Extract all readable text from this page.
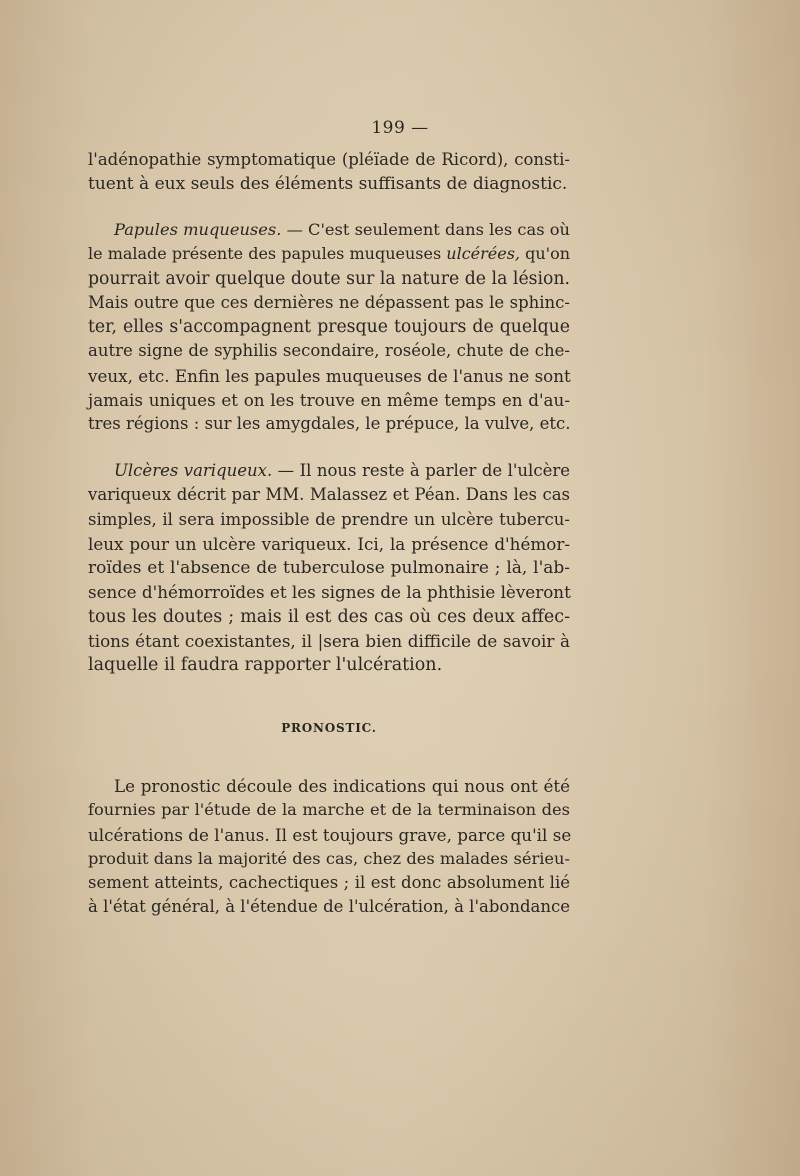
199 —

l'adénopathie symptomatique (pléïade de Ricord), consti-

tuent à eux seuls des éléments suffisants de diagnostic.

Papules muqueuses. — C'est seulement dans les cas où

le malade présente des papules muqueuses ulcérées, qu'on

pourrait avoir quelque doute sur la nature de la lésion.

Mais outre que ces dernières ne dépassent pas le sphinc-

ter, elles s'accompagnent presque toujours de quelque

autre signe de syphilis secondaire, roséole, chute de che-

veux, etc. Enfin les papules muqueuses de l'anus ne sont

jamais uniques et on les trouve en même temps en d'au-

tres régions : sur les amygdales, le prépuce, la vulve, etc.

Ulcères variqueux. — Il nous reste à parler de l'ulcère

variqueux décrit par MM. Malassez et Péan. Dans les cas

simples, il sera impossible de prendre un ulcère tubercu-

leux pour un ulcère variqueux. Ici, la présence d'hémor-

roïdes et l'absence de tuberculose pulmonaire ; là, l'ab-

sence d'hémorroïdes et les signes de la phthisie lèveront

tous les doutes ; mais il est des cas où ces deux affec-

tions étant coexistantes, il |sera bien difficile de savoir à

laquelle il faudra rapporter l'ulcération.

PRONOSTIC.

Le pronostic découle des indications qui nous ont été

fournies par l'étude de la marche et de la terminaison des

ulcérations de l'anus. Il est toujours grave, parce qu'il se

produit dans la majorité des cas, chez des malades sérieu-

sement atteints, cachectiques ; il est donc absolument lié

à l'état général, à l'étendue de l'ulcération, à l'abondance
